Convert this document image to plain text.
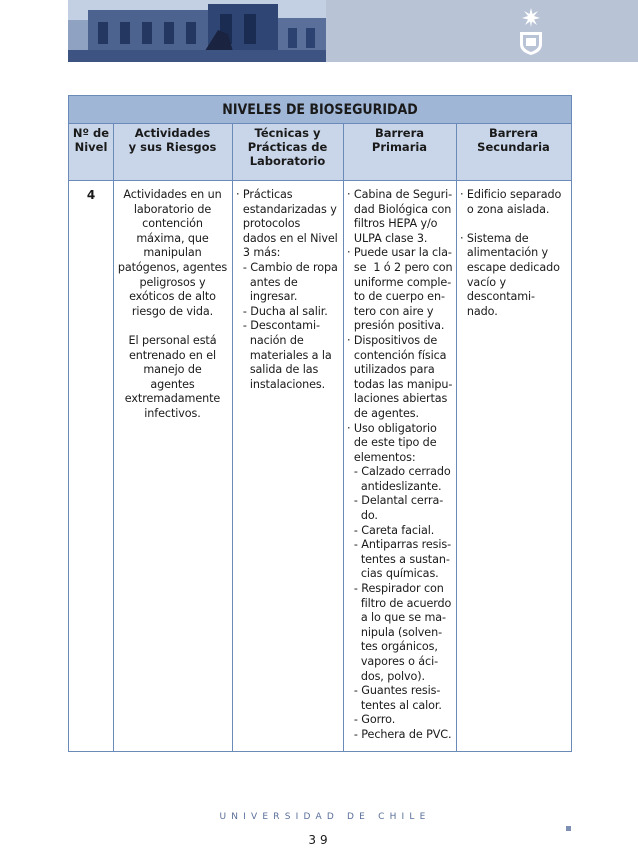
NIVELES DE BIOSEGURIDAD
Nº de
Nivel
Actividades
y sus Riesgos
Técnicas y
Prácticas de
Laboratorio
Barrera
Primaria
Barrera
Secundaria
4	Actividades en un
laboratorio de
contención
máxima, que
manipulan
patógenos, agentes
peligrosos y
exóticos de alto
riesgo de vida.

El personal está
entrenado en el
manejo de
agentes
extremadamente
infectivos.
· Prácticas
estandarizadas y
protocolos
dados en el Nivel
3 más:
- Cambio de ropa
antes de
ingresar.
- Ducha al salir.
- Descontami-
nación de
materiales a la
salida de las
instalaciones.
· Cabina de Seguri-
dad Biológica con
filtros HEPA y/o
ULPA clase 3.
· Puede usar la cla-
se  1 ó 2 pero con
uniforme comple-
to de cuerpo en-
tero con aire y
presión positiva.
· Dispositivos de
contención física
utilizados para
todas las manipu-
laciones abiertas
de agentes.
· Uso obligatorio
de este tipo de
elementos:
- Calzado cerrado
antideslizante.
- Delantal cerra-
do.
- Careta facial.
- Antiparras resis-
tentes a sustan-
cias químicas.
- Respirador con
filtro de acuerdo
a lo que se ma-
nipula (solven-
tes orgánicos,
vapores o áci-
dos, polvo).
- Guantes resis-
tentes al calor.
- Gorro.
- Pechera de PVC.
· Edificio separado
o zona aislada.

· Sistema de
alimentación y
escape dedicado
vacío y
descontami-
nado.
UNIVERSIDAD DE CHILE
39
